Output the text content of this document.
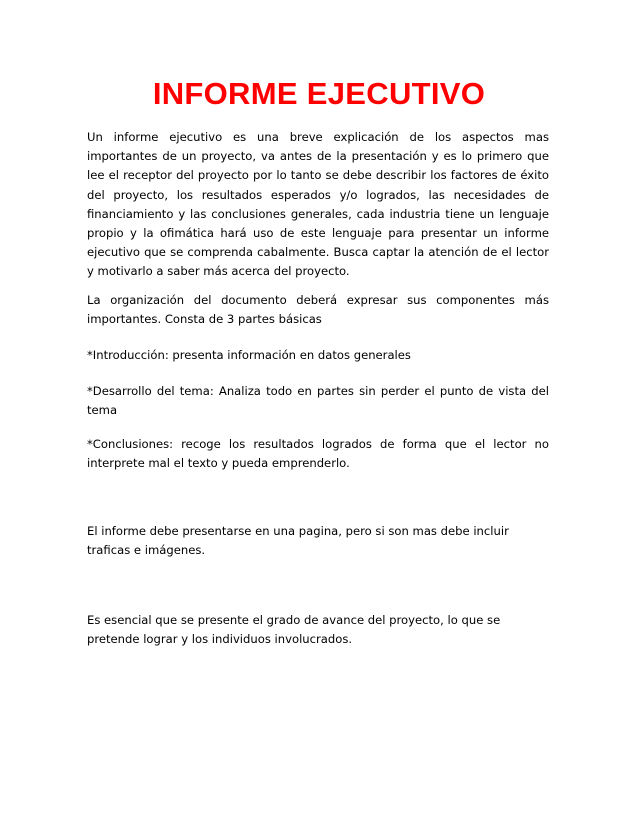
INFORME EJECUTIVO

Un informe ejecutivo es una breve explicación de los aspectos mas importantes de un proyecto, va antes de la presentación y es lo primero que lee el receptor del proyecto por lo tanto se debe describir los factores de éxito del proyecto, los resultados esperados y/o logrados, las necesidades de financiamiento y las conclusiones generales, cada industria tiene un lenguaje propio y la ofimática hará uso de este lenguaje para presentar un informe ejecutivo que se comprenda cabalmente. Busca captar la atención de el lector y motivarlo a saber más acerca del proyecto.

La organización del documento deberá expresar sus componentes más importantes. Consta de 3 partes básicas

*Introducción: presenta información en datos generales

*Desarrollo del tema: Analiza todo en partes sin perder el punto de vista del tema

*Conclusiones: recoge los resultados logrados de forma que el lector no interprete mal el texto y pueda emprenderlo.

El informe debe presentarse en una pagina, pero si son mas debe incluir traficas e imágenes.

Es esencial que se presente el grado de avance del proyecto, lo que se pretende lograr y los individuos involucrados.
